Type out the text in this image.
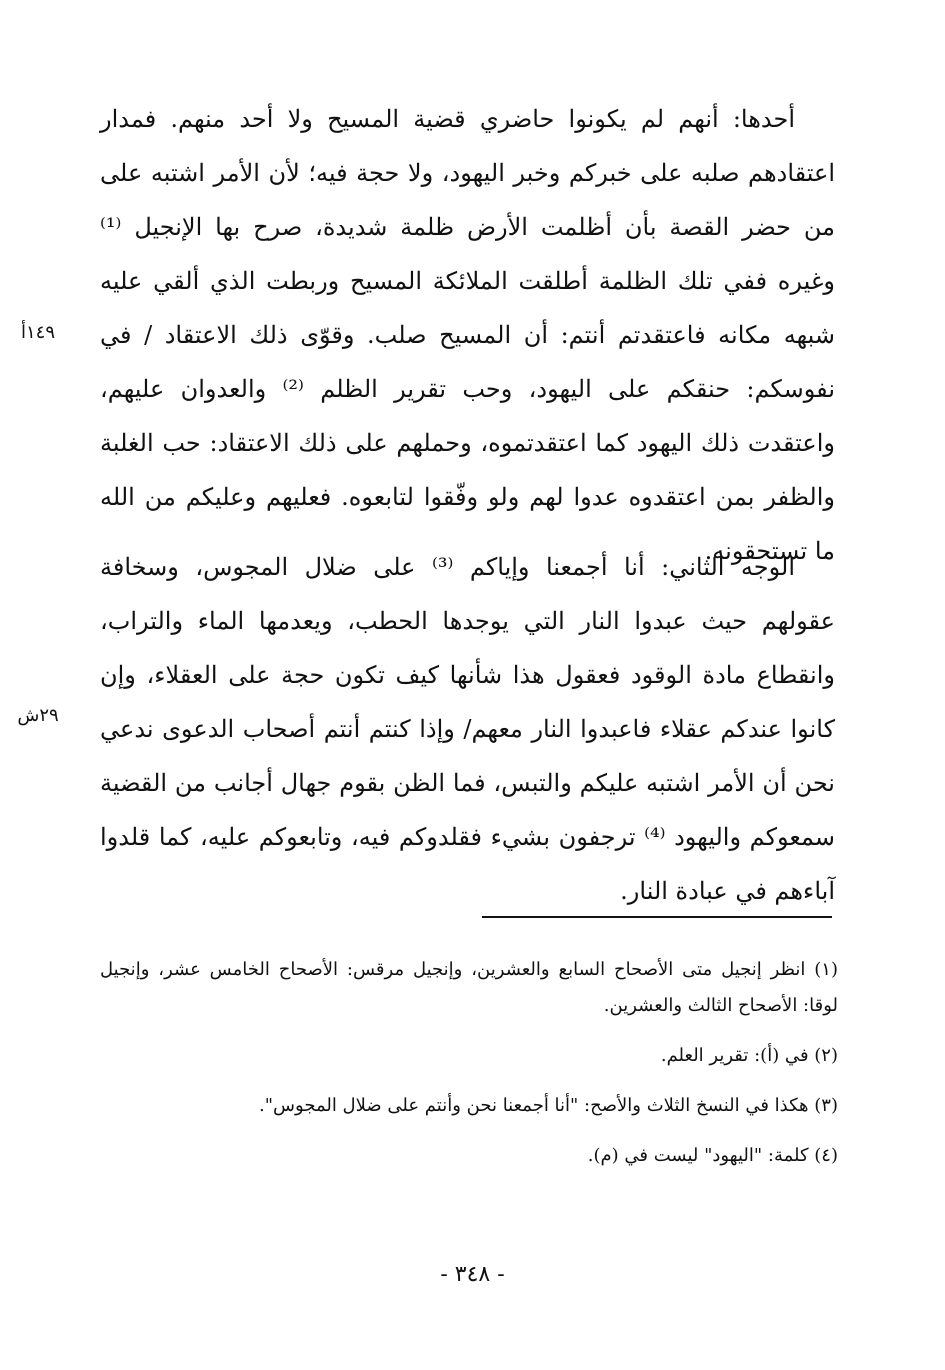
١٤٩أ
٢٩ش

أحدها: أنهم لم يكونوا حاضري قضية المسيح ولا أحد منهم. فمدار اعتقادهم صلبه على خبركم وخبر اليهود، ولا حجة فيه؛ لأن الأمر اشتبه على من حضر القصة بأن أظلمت الأرض ظلمة شديدة، صرح بها الإنجيل ⁽¹⁾ وغيره ففي تلك الظلمة أطلقت الملائكة المسيح وربطت الذي ألقي عليه شبهه مكانه فاعتقدتم أنتم: أن المسيح صلب. وقوّى ذلك الاعتقاد / في نفوسكم: حنقكم على اليهود، وحب تقرير الظلم ⁽²⁾ والعدوان عليهم، واعتقدت ذلك اليهود كما اعتقدتموه، وحملهم على ذلك الاعتقاد: حب الغلبة والظفر بمن اعتقدوه عدوا لهم ولو وفّقوا لتابعوه. فعليهم وعليكم من الله ما تستحقونه.

الوجه الثاني: أنا أجمعنا وإياكم ⁽³⁾ على ضلال المجوس، وسخافة عقولهم حيث عبدوا النار التي يوجدها الحطب، ويعدمها الماء والتراب، وانقطاع مادة الوقود فعقول هذا شأنها كيف تكون حجة على العقلاء، وإن كانوا عندكم عقلاء فاعبدوا النار معهم/ وإذا كنتم أنتم أصحاب الدعوى ندعي نحن أن الأمر اشتبه عليكم والتبس، فما الظن بقوم جهال أجانب من القضية سمعوكم واليهود ⁽⁴⁾ ترجفون بشيء فقلدوكم فيه، وتابعوكم عليه، كما قلدوا آباءهم في عبادة النار.

(١) انظر إنجيل متى الأصحاح السابع والعشرين، وإنجيل مرقس: الأصحاح الخامس عشر، وإنجيل لوقا: الأصحاح الثالث والعشرين.

(٢) في (أ): تقرير العلم.

(٣) هكذا في النسخ الثلاث والأصح: "أنا أجمعنا نحن وأنتم على ضلال المجوس".

(٤) كلمة: "اليهود" ليست في (م).

- ٣٤٨ -
